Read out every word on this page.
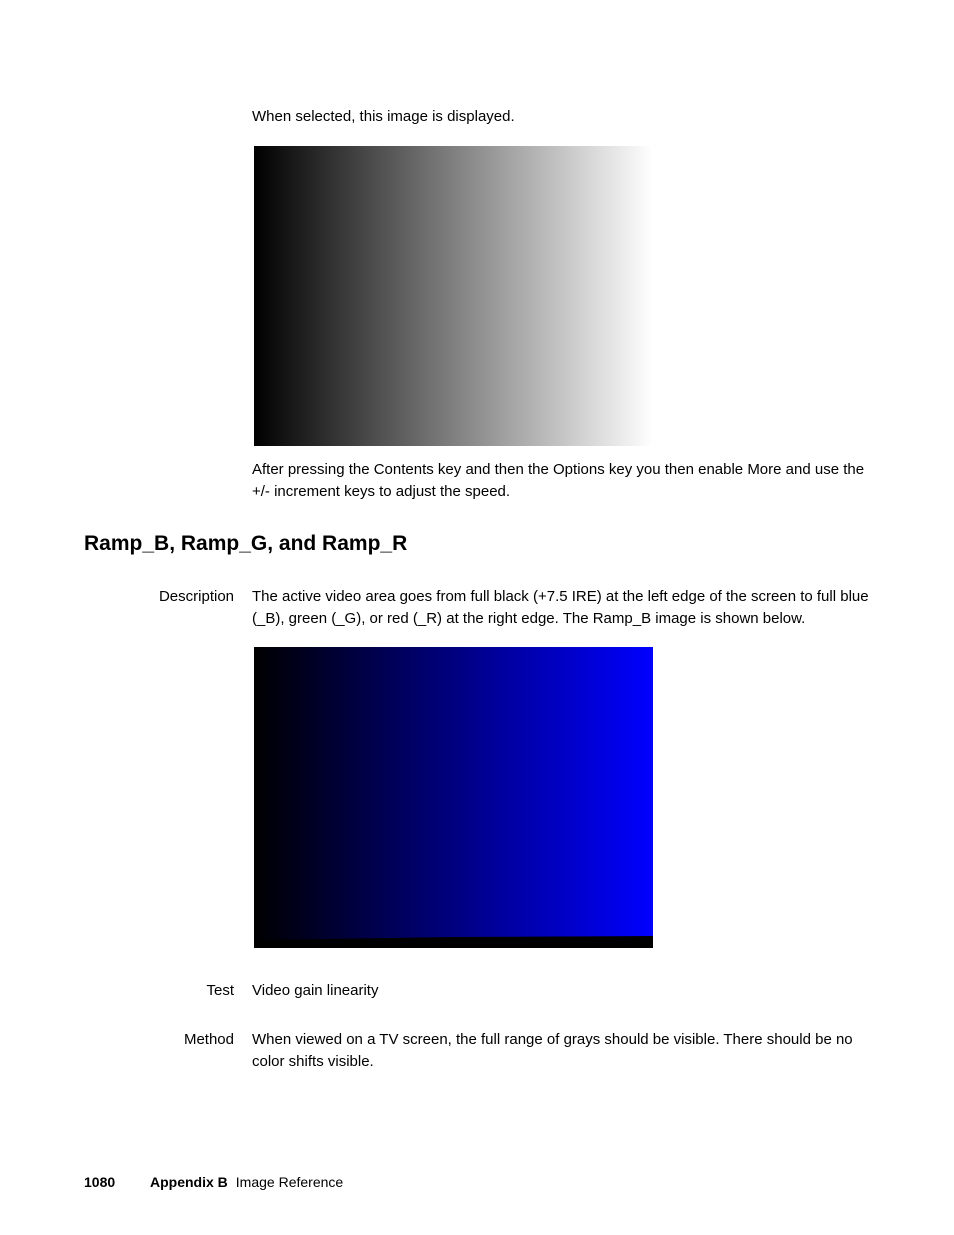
When selected, this image is displayed.
After pressing the Contents key and then the Options key you then enable More and use the +/- increment keys to adjust the speed.
Ramp_B, Ramp_G, and Ramp_R
Description The active video area goes from full black (+7.5 IRE) at the left edge of the screen to full blue (_B), green (_G), or red (_R) at the right edge. The Ramp_B image is shown below.
Test Video gain linearity
Method When viewed on a TV screen, the full range of grays should be visible. There should be no color shifts visible.
1080 Appendix B Image Reference
